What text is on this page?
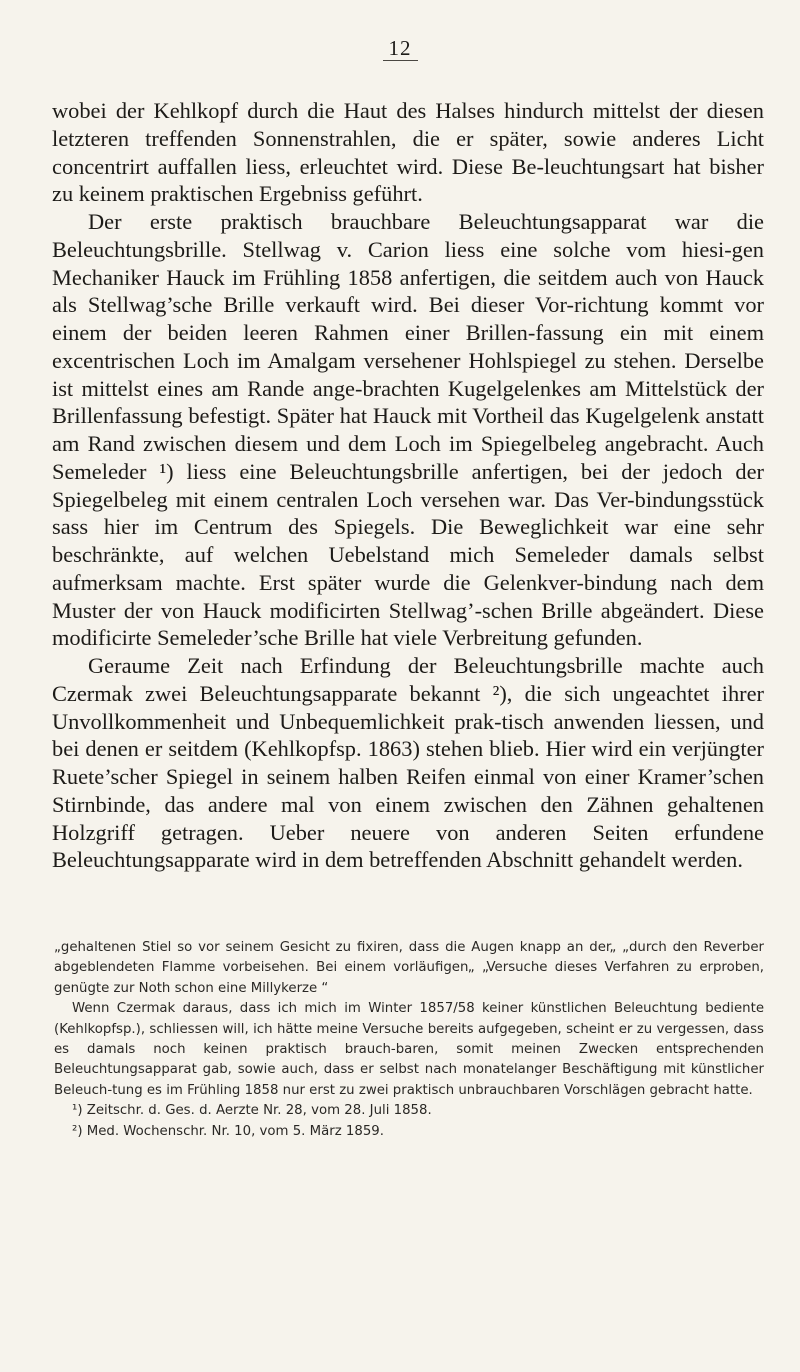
12

wobei der Kehlkopf durch die Haut des Halses hindurch mittelst der diesen letzteren treffenden Sonnenstrahlen, die er später, sowie anderes Licht concentrirt auffallen liess, erleuchtet wird. Diese Be-leuchtungsart hat bisher zu keinem praktischen Ergebniss geführt.

Der erste praktisch brauchbare Beleuchtungsapparat war die Beleuchtungsbrille. Stellwag v. Carion liess eine solche vom hiesi-gen Mechaniker Hauck im Frühling 1858 anfertigen, die seitdem auch von Hauck als Stellwag’sche Brille verkauft wird. Bei dieser Vor-richtung kommt vor einem der beiden leeren Rahmen einer Brillen-fassung ein mit einem excentrischen Loch im Amalgam versehener Hohlspiegel zu stehen. Derselbe ist mittelst eines am Rande ange-brachten Kugelgelenkes am Mittelstück der Brillenfassung befestigt. Später hat Hauck mit Vortheil das Kugelgelenk anstatt am Rand zwischen diesem und dem Loch im Spiegelbeleg angebracht. Auch Semeleder ¹) liess eine Beleuchtungsbrille anfertigen, bei der jedoch der Spiegelbeleg mit einem centralen Loch versehen war. Das Ver-bindungsstück sass hier im Centrum des Spiegels. Die Beweglichkeit war eine sehr beschränkte, auf welchen Uebelstand mich Semeleder damals selbst aufmerksam machte. Erst später wurde die Gelenkver-bindung nach dem Muster der von Hauck modificirten Stellwag’-schen Brille abgeändert. Diese modificirte Semeleder’sche Brille hat viele Verbreitung gefunden.

Geraume Zeit nach Erfindung der Beleuchtungsbrille machte auch Czermak zwei Beleuchtungsapparate bekannt ²), die sich ungeachtet ihrer Unvollkommenheit und Unbequemlichkeit prak-tisch anwenden liessen, und bei denen er seitdem (Kehlkopfsp. 1863) stehen blieb. Hier wird ein verjüngter Ruete’scher Spiegel in seinem halben Reifen einmal von einer Kramer’schen Stirnbinde, das andere mal von einem zwischen den Zähnen gehaltenen Holzgriff getragen. Ueber neuere von anderen Seiten erfundene Beleuchtungsapparate wird in dem betreffenden Abschnitt gehandelt werden.

„gehaltenen Stiel so vor seinem Gesicht zu fixiren, dass die Augen knapp an der„ „durch den Reverber abgeblendeten Flamme vorbeisehen. Bei einem vorläufigen„ „Versuche dieses Verfahren zu erproben, genügte zur Noth schon eine Millykerze “

Wenn Czermak daraus, dass ich mich im Winter 1857/58 keiner künstlichen Beleuchtung bediente (Kehlkopfsp.), schliessen will, ich hätte meine Versuche bereits aufgegeben, scheint er zu vergessen, dass es damals noch keinen praktisch brauch-baren, somit meinen Zwecken entsprechenden Beleuchtungsapparat gab, sowie auch, dass er selbst nach monatelanger Beschäftigung mit künstlicher Beleuch-tung es im Frühling 1858 nur erst zu zwei praktisch unbrauchbaren Vorschlägen gebracht hatte.

¹) Zeitschr. d. Ges. d. Aerzte Nr. 28, vom 28. Juli 1858.

²) Med. Wochenschr. Nr. 10, vom 5. März 1859.
